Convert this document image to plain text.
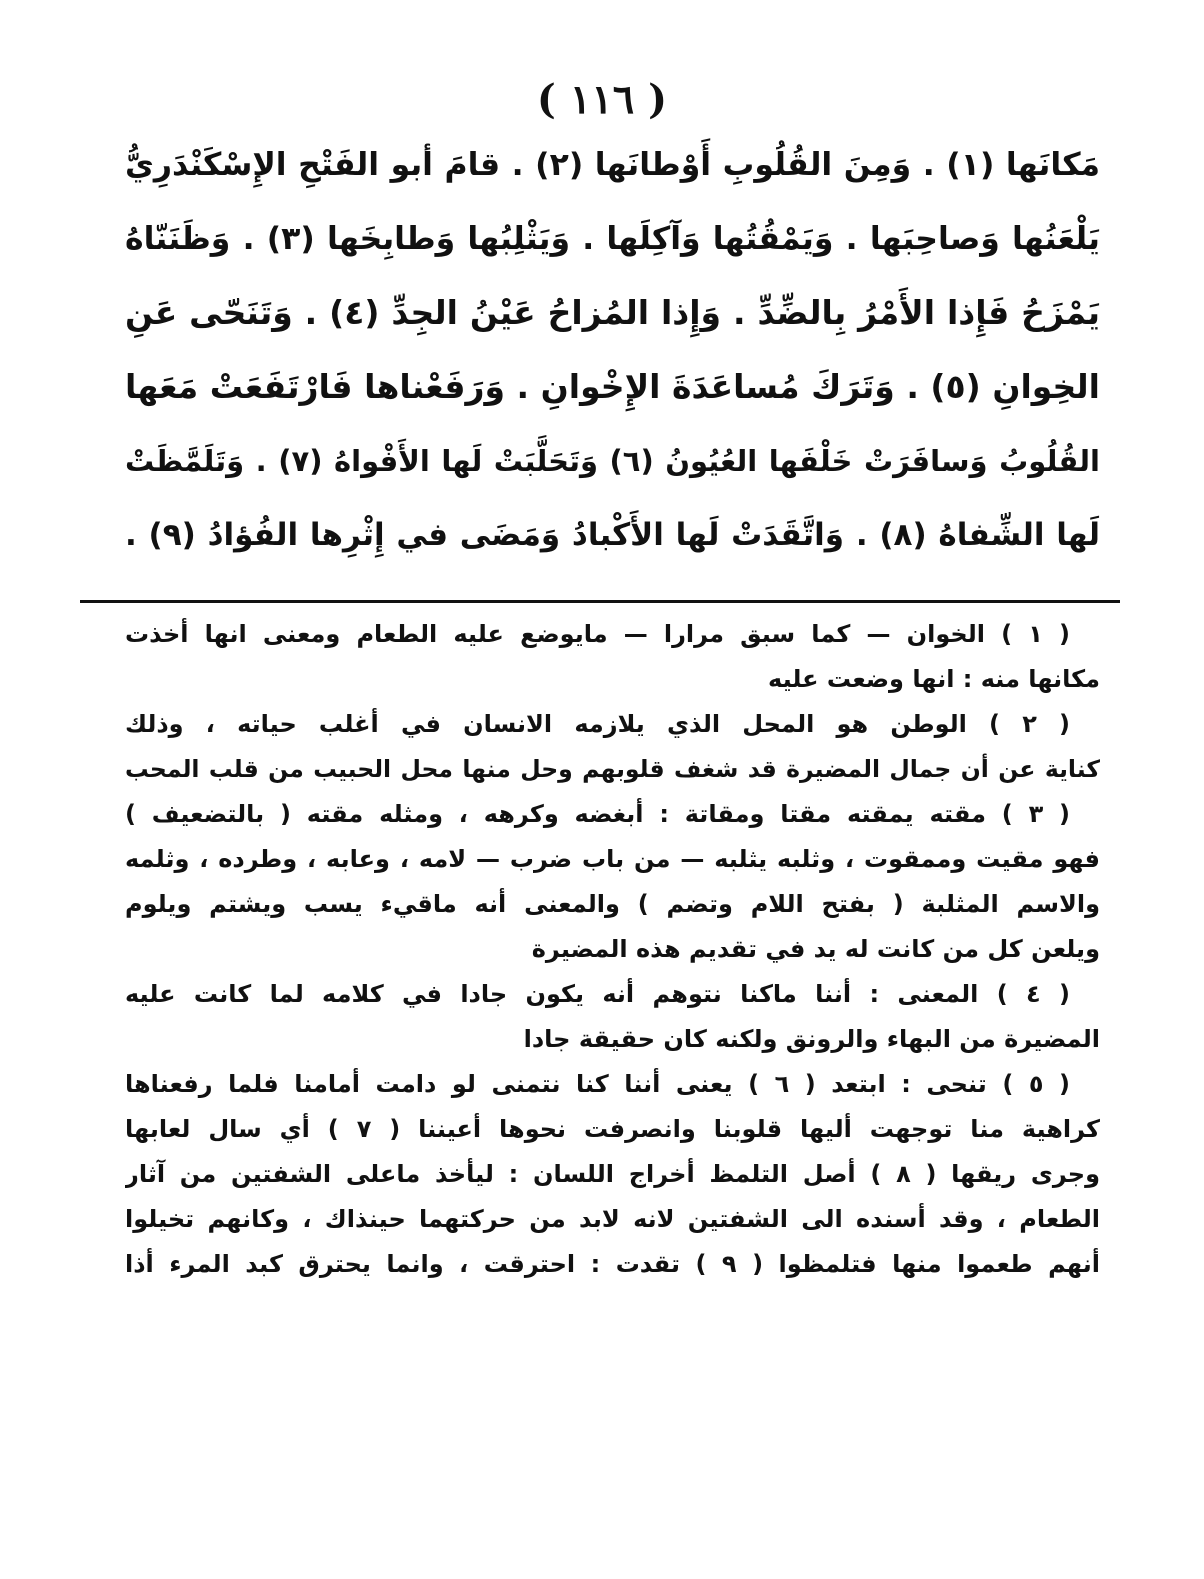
( ١١٦ )
مَكانَها (١) . وَمِنَ القُلُوبِ أَوْطانَها (٢) . قامَ أبو الفَتْحِ الإِسْكَنْدَرِيُّ
يَلْعَنُها وَصاحِبَها . وَيَمْقُتُها وَآكِلَها . وَيَثْلِبُها وَطابِخَها (٣) . وَظَنَنّاهُ
يَمْزَحُ فَإِذا الأَمْرُ بِالضِّدِّ . وَإِذا المُزاحُ عَيْنُ الجِدِّ (٤) . وَتَنَحّى عَنِ
الخِوانِ (٥) . وَتَرَكَ مُساعَدَةَ الإِخْوانِ . وَرَفَعْناها فَارْتَفَعَتْ مَعَها
القُلُوبُ وَسافَرَتْ خَلْفَها العُيُونُ (٦) وَتَحَلَّبَتْ لَها الأَفْواهُ (٧) . وَتَلَمَّظَتْ
لَها الشِّفاهُ (٨) . وَاتَّقَدَتْ لَها الأَكْبادُ وَمَضَى في إِثْرِها الفُؤادُ (٩) .
( ١ ) الخوان — كما سبق مرارا — مايوضع عليه الطعام ومعنى انها أخذت
مكانها منه : انها وضعت عليه
( ٢ ) الوطن هو المحل الذي يلازمه الانسان في أغلب حياته ، وذلك
كناية عن أن جمال المضيرة قد شغف قلوبهم وحل منها محل الحبيب من قلب المحب
( ٣ ) مقته يمقته مقتا ومقاتة : أبغضه وكرهه ، ومثله مقته ( بالتضعيف )
فهو مقيت وممقوت ، وثلبه يثلبه — من باب ضرب — لامه ، وعابه ، وطرده ، وثلمه
والاسم المثلبة ( بفتح اللام وتضم ) والمعنى أنه ماقيء يسب ويشتم ويلوم
ويلعن كل من كانت له يد في تقديم هذه المضيرة
( ٤ ) المعنى : أننا ماكنا نتوهم أنه يكون جادا في كلامه لما كانت عليه
المضيرة من البهاء والرونق ولكنه كان حقيقة جادا
( ٥ ) تنحى : ابتعد ( ٦ ) يعنى أننا كنا نتمنى لو دامت أمامنا فلما رفعناها
كراهية منا توجهت أليها قلوبنا وانصرفت نحوها أعيننا ( ٧ ) أي سال لعابها
وجرى ريقها ( ٨ ) أصل التلمظ أخراج اللسان : ليأخذ ماعلى الشفتين من آثار
الطعام ، وقد أسنده الى الشفتين لانه لابد من حركتهما حينذاك ، وكانهم تخيلوا
أنهم طعموا منها فتلمظوا ( ٩ ) تقدت : احترقت ، وانما يحترق كبد المرء أذا
